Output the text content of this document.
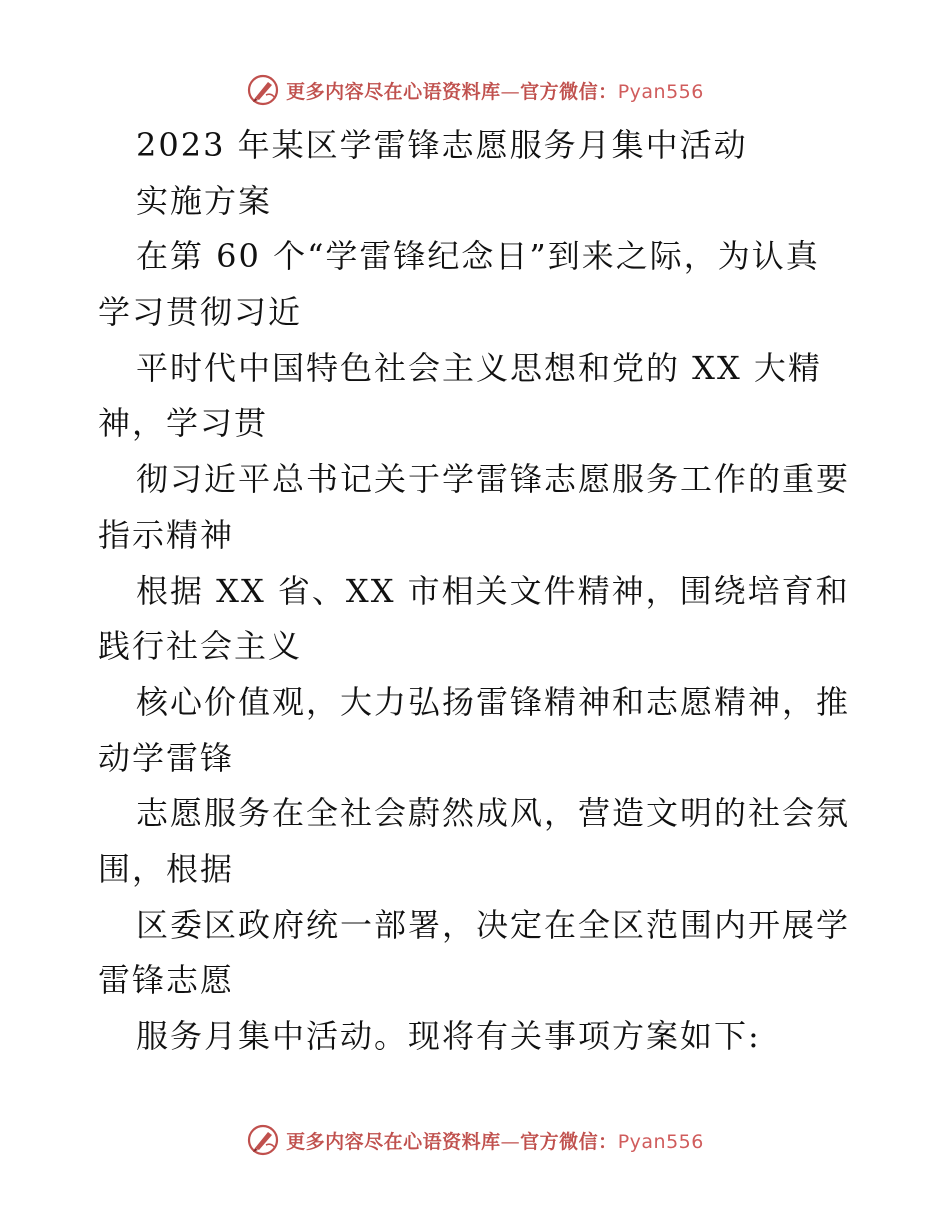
更多内容尽在心语资料库—官方微信：Pyan556
2023 年某区学雷锋志愿服务月集中活动
实施方案
在第 60 个“学雷锋纪念日”到来之际，为认真
学习贯彻习近
平时代中国特色社会主义思想和党的 XX 大精
神，学习贯
彻习近平总书记关于学雷锋志愿服务工作的重要
指示精神
根据 XX 省、XX 市相关文件精神，围绕培育和
践行社会主义
核心价值观，大力弘扬雷锋精神和志愿精神，推
动学雷锋
志愿服务在全社会蔚然成风，营造文明的社会氛
围，根据
区委区政府统一部署，决定在全区范围内开展学
雷锋志愿
服务月集中活动。现将有关事项方案如下:
更多内容尽在心语资料库—官方微信：Pyan556
